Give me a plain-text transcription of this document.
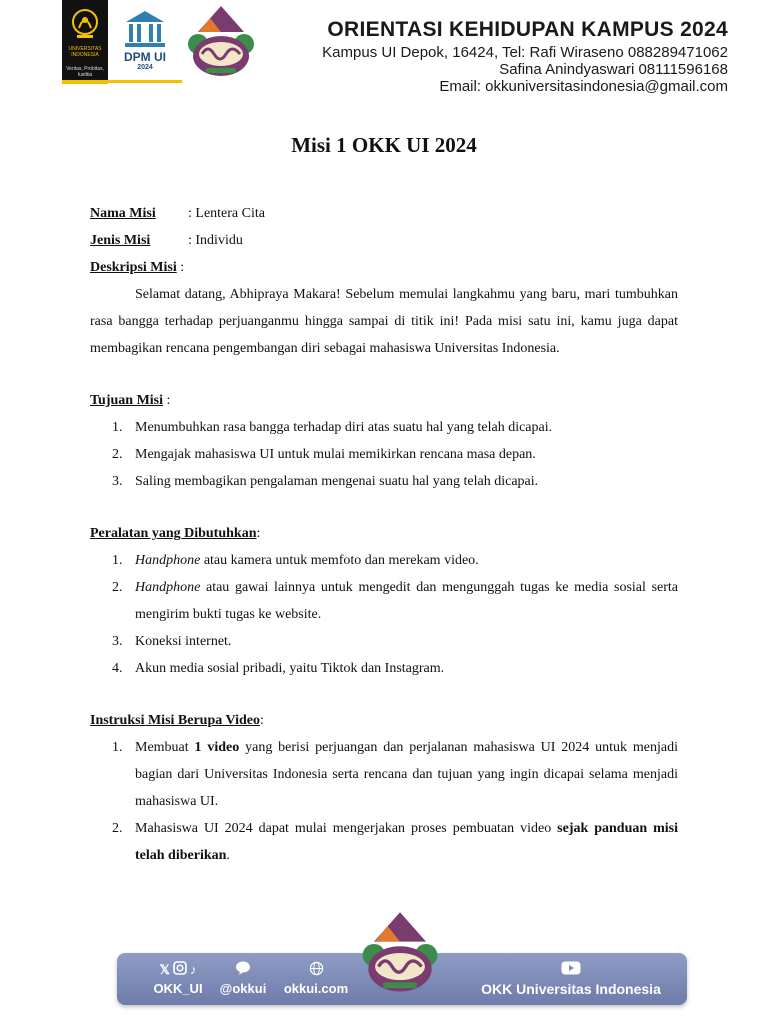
UNIVERSITAS INDONESIA
Veritas, Probitas, Iustitia
DPM UI
2024
ORIENTASI KEHIDUPAN KAMPUS 2024
Kampus UI Depok, 16424, Tel: Rafi Wiraseno 088289471062
Safina Anindyaswari 08111596168
Email: okkuniversitasindonesia@gmail.com
Misi 1 OKK UI 2024
Nama Misi	: Lentera Cita
Jenis Misi	: Individu
Deskripsi Misi :
Selamat datang, Abhipraya Makara! Sebelum memulai langkahmu yang baru, mari tumbuhkan rasa bangga terhadap perjuanganmu hingga sampai di titik ini! Pada misi satu ini, kamu juga dapat membagikan rencana pengembangan diri sebagai mahasiswa Universitas Indonesia.
Tujuan Misi :
1. Menumbuhkan rasa bangga terhadap diri atas suatu hal yang telah dicapai.
2. Mengajak mahasiswa UI untuk mulai memikirkan rencana masa depan.
3. Saling membagikan pengalaman mengenai suatu hal yang telah dicapai.
Peralatan yang Dibutuhkan:
1. Handphone atau kamera untuk memfoto dan merekam video.
2. Handphone atau gawai lainnya untuk mengedit dan mengunggah tugas ke media sosial serta mengirim bukti tugas ke website.
3. Koneksi internet.
4. Akun media sosial pribadi, yaitu Tiktok dan Instagram.
Instruksi Misi Berupa Video:
1. Membuat 1 video yang berisi perjuangan dan perjalanan mahasiswa UI 2024 untuk menjadi bagian dari Universitas Indonesia serta rencana dan tujuan yang ingin dicapai selama menjadi mahasiswa UI.
2. Mahasiswa UI 2024 dapat mulai mengerjakan proses pembuatan video sejak panduan misi telah diberikan.
𝕏 ♪
OKK_UI	@okkui	okkui.com	OKK Universitas Indonesia
